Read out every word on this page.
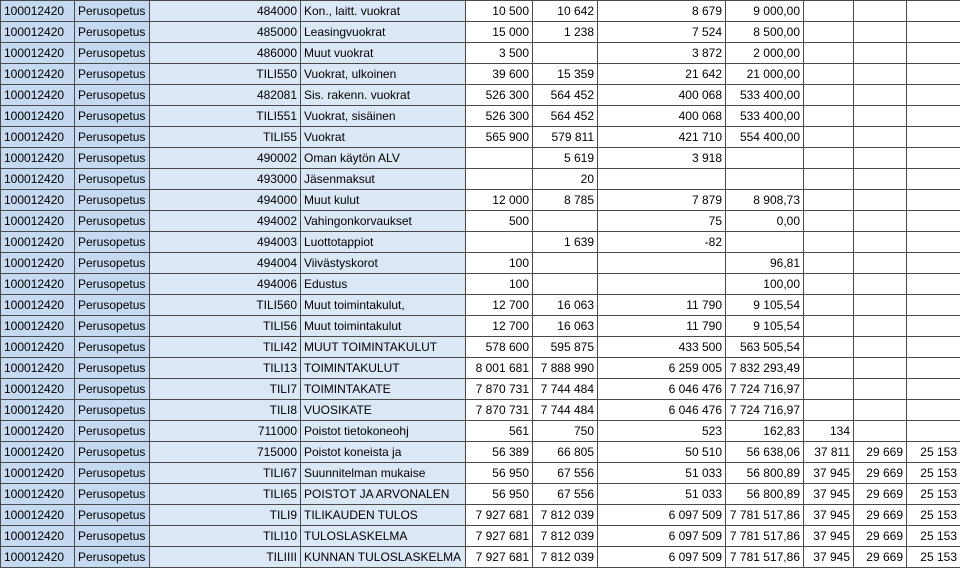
100012420	Perusopetus	484000	Kon., laitt. vuokrat	10 500	10 642	8 679	9 000,00			
100012420	Perusopetus	485000	Leasingvuokrat	15 000	1 238	7 524	8 500,00			
100012420	Perusopetus	486000	Muut vuokrat	3 500		3 872	2 000,00			
100012420	Perusopetus	TILI550	Vuokrat, ulkoinen	39 600	15 359	21 642	21 000,00			
100012420	Perusopetus	482081	Sis. rakenn. vuokrat	526 300	564 452	400 068	533 400,00			
100012420	Perusopetus	TILI551	Vuokrat, sisäinen	526 300	564 452	400 068	533 400,00			
100012420	Perusopetus	TILI55	Vuokrat	565 900	579 811	421 710	554 400,00			
100012420	Perusopetus	490002	Oman käytön ALV		5 619	3 918				
100012420	Perusopetus	493000	Jäsenmaksut		20					
100012420	Perusopetus	494000	Muut kulut	12 000	8 785	7 879	8 908,73			
100012420	Perusopetus	494002	Vahingonkorvaukset	500		75	0,00			
100012420	Perusopetus	494003	Luottotappiot		1 639	-82				
100012420	Perusopetus	494004	Viivästyskorot	100			96,81			
100012420	Perusopetus	494006	Edustus	100			100,00			
100012420	Perusopetus	TILI560	Muut toimintakulut,	12 700	16 063	11 790	9 105,54			
100012420	Perusopetus	TILI56	Muut toimintakulut	12 700	16 063	11 790	9 105,54			
100012420	Perusopetus	TILI42	MUUT TOIMINTAKULUT	578 600	595 875	433 500	563 505,54			
100012420	Perusopetus	TILI13	TOIMINTAKULUT	8 001 681	7 888 990	6 259 005	7 832 293,49			
100012420	Perusopetus	TILI7	TOIMINTAKATE	7 870 731	7 744 484	6 046 476	7 724 716,97			
100012420	Perusopetus	TILI8	VUOSIKATE	7 870 731	7 744 484	6 046 476	7 724 716,97			
100012420	Perusopetus	711000	Poistot tietokoneohj	561	750	523	162,83	134		
100012420	Perusopetus	715000	Poistot koneista ja	56 389	66 805	50 510	56 638,06	37 811	29 669	25 153
100012420	Perusopetus	TILI67	Suunnitelman mukaise	56 950	67 556	51 033	56 800,89	37 945	29 669	25 153
100012420	Perusopetus	TILI65	POISTOT JA ARVONALEN	56 950	67 556	51 033	56 800,89	37 945	29 669	25 153
100012420	Perusopetus	TILI9	TILIKAUDEN TULOS	7 927 681	7 812 039	6 097 509	7 781 517,86	37 945	29 669	25 153
100012420	Perusopetus	TILI10	TULOSLASKELMA	7 927 681	7 812 039	6 097 509	7 781 517,86	37 945	29 669	25 153
100012420	Perusopetus	TILIIII	KUNNAN TULOSLASKELMA	7 927 681	7 812 039	6 097 509	7 781 517,86	37 945	29 669	25 153
